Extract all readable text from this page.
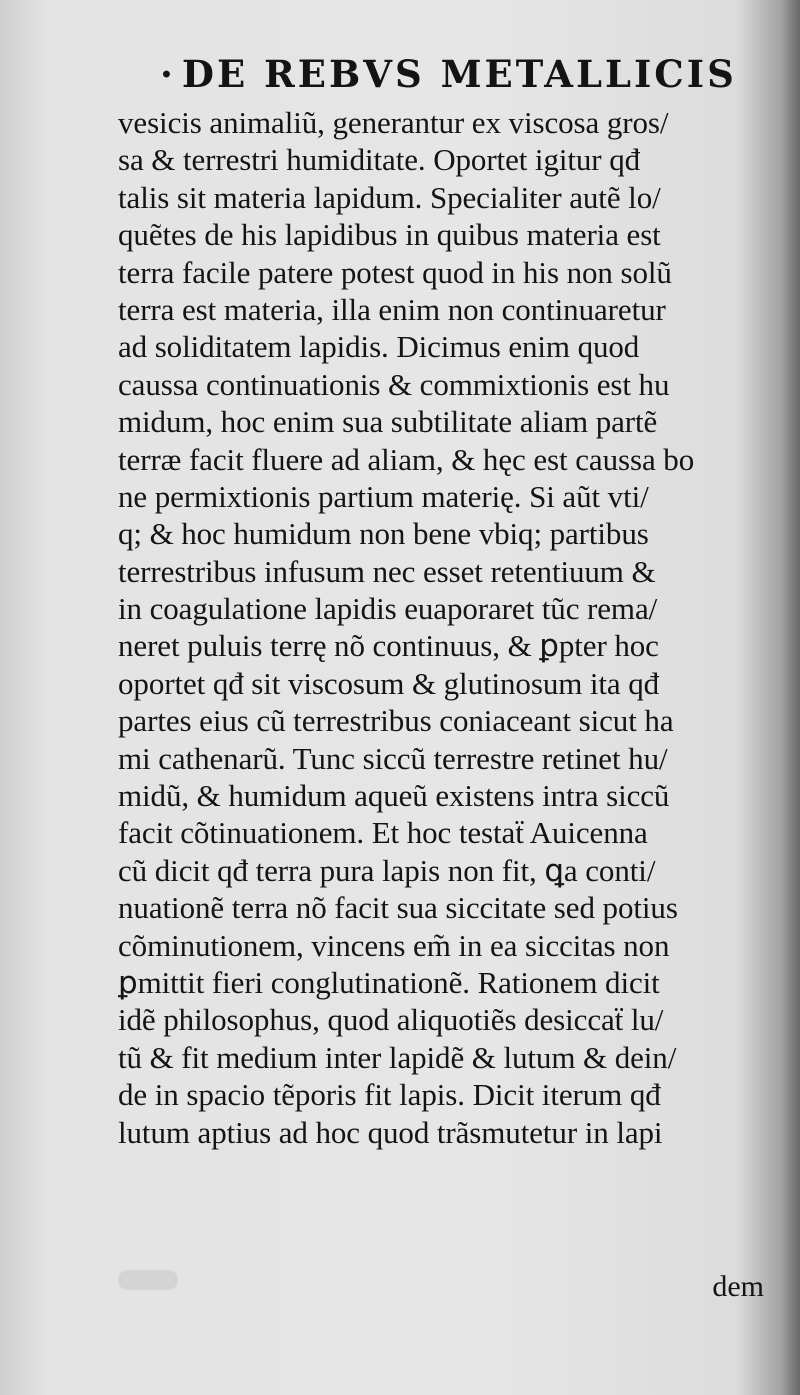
· DE REBVS METALLICIS
vesicis animaliũ, generantur ex viscosa gros/
sa & terrestri humiditate. Oportet igitur qđ
talis sit materia lapidum. Specialiter autẽ lo/
quẽtes de his lapidibus in quibus materia est
terra facile patere potest quod in his non solũ
terra est materia, illa enim non continuaretur
ad soliditatem lapidis. Dicimus enim quod
caussa continuationis & commixtionis est hu
midum, hoc enim sua subtilitate aliam partẽ
terræ facit fluere ad aliam, & hęc est caussa bo
ne permixtionis partium materię. Si aũt vti/
q; & hoc humidum non bene vbiq; partibus
terrestribus infusum nec esset retentiuum &
in coagulatione lapidis euaporaret tũc rema/
neret puluis terrę nõ continuus, & ꝑpter hoc
oportet qđ sit viscosum & glutinosum ita qđ
partes eius cũ terrestribus coniaceant sicut ha
mi cathenarũ. Tunc siccũ terrestre retinet hu/
midũ, & humidum aqueũ existens intra siccũ
facit cõtinuationem. Et hoc testaẗ Auicenna
cũ dicit qđ terra pura lapis non fit, ꝗa conti/
nuationẽ terra nõ facit sua siccitate sed potius
cõminutionem, vincens em̃ in ea siccitas non
ꝑmittit fieri conglutinationẽ. Rationem dicit
idẽ philosophus, quod aliquotiẽs desiccaẗ lu/
tũ & fit medium inter lapidẽ & lutum & dein/
de in spacio tẽporis fit lapis. Dicit iterum qđ
lutum aptius ad hoc quod trãsmutetur in lapi
dem
